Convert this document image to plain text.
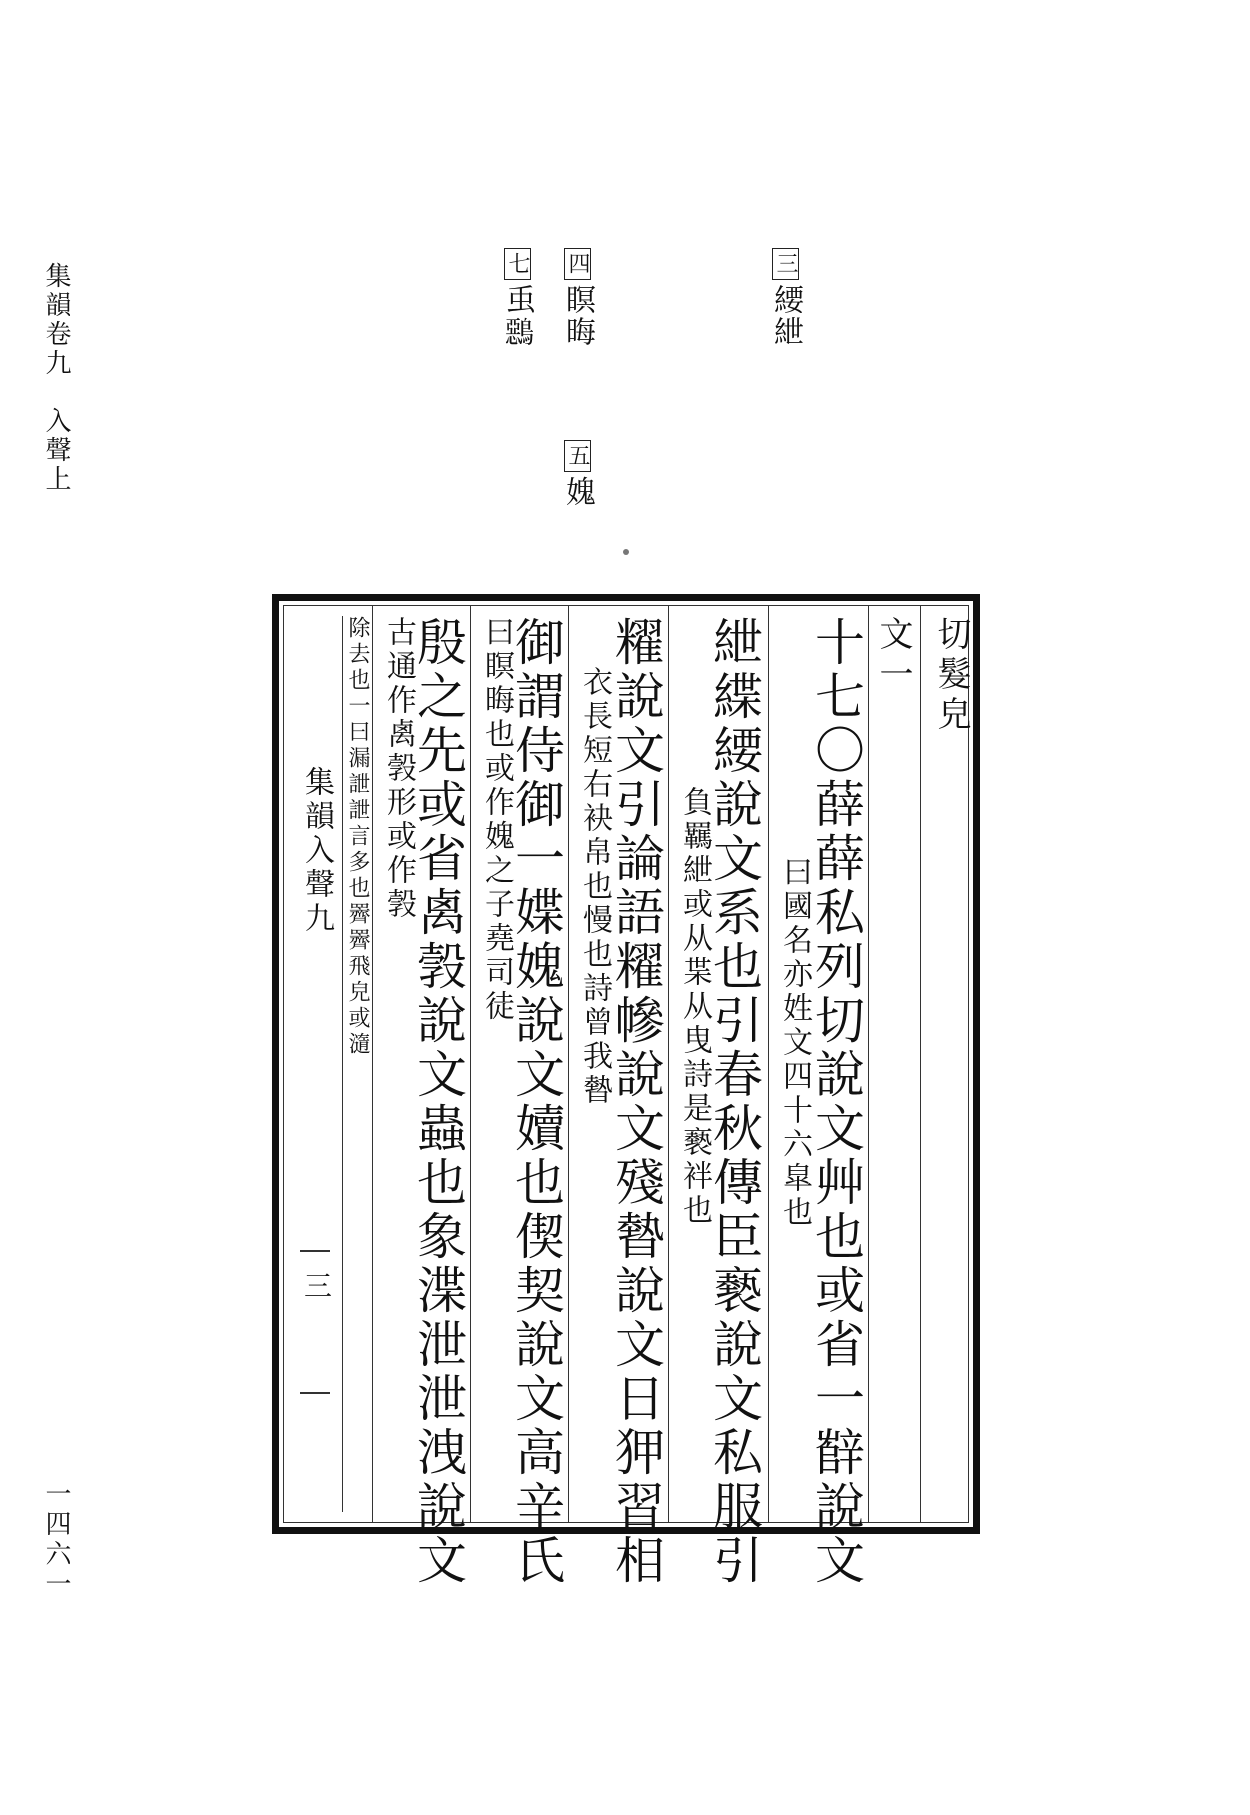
集韻卷九　入聲上
一四六一
三䌁紲
四瞑晦
五媿
七䖝𪅴
集韻入聲九
三
切髮皃
文一
十七〇薛薛私列切說文艸也或省一辥說文
曰國名亦姓文四十六皐也
紲緤䌁說文系也引春秋傳臣褻說文私服引
負羈紲或从枼从曳詩是褻袢也
䊮說文引論語䊮幓說文殘暬說文日狎習相
衣長短右袂帛也慢也詩曾我暬
御謂侍御一媟媿說文嬻也偰契說文高辛氏
曰瞑晦也或作媿之子堯司徒
殷之先或省禼㝅說文蟲也象渫泄泄洩說文
古通作禼㝅形或作㝅
除去也一曰漏詍詍言多也䍤䍤飛皃或㵦
